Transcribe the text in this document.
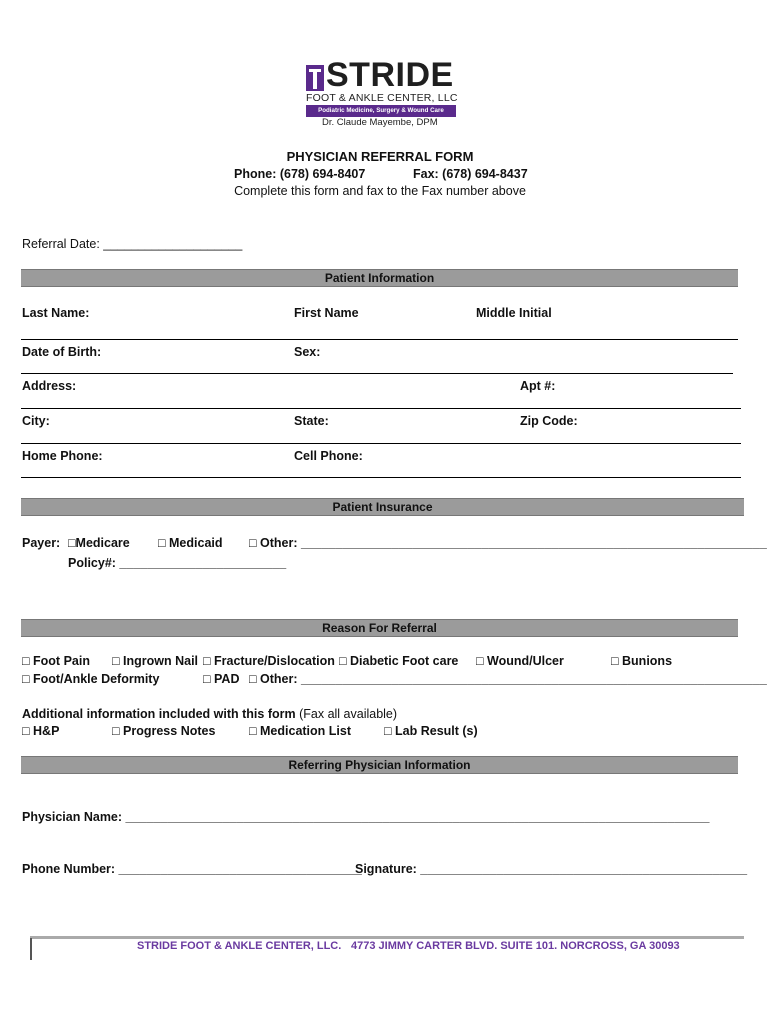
STRIDE
FOOT & ANKLE CENTER, LLC
Podiatric Medicine, Surgery & Wound Care
Dr. Claude Mayembe, DPM
PHYSICIAN REFERRAL FORM
Phone: (678) 694-8407	Fax: (678) 694-8437
Complete this form and fax to the Fax number above
Referral Date: ____________________
Patient Information
Last Name:	First Name	Middle Initial
Date of Birth:	Sex:
Address:	Apt #:
City:	State:	Zip Code:
Home Phone:	Cell Phone:
Patient Insurance
Payer: □Medicare □ Medicaid □ Other: ___________________________________________________________________
Policy#: ________________________
Reason For Referral
□ Foot Pain □ Ingrown Nail □ Fracture/Dislocation □ Diabetic Foot care □ Wound/Ulcer	□ Bunions
□ Foot/Ankle Deformity	□ PAD □ Other: ___________________________________________________________________
Additional information included with this form (Fax all available)
□ H&P	□ Progress Notes	□ Medication List	□ Lab Result (s)
Referring Physician Information
Physician Name: ____________________________________________________________________________________
Phone Number: ___________________________________
Signature: _______________________________________________
STRIDE FOOT & ANKLE CENTER, LLC. 4773 JIMMY CARTER BLVD. SUITE 101. NORCROSS, GA 30093
